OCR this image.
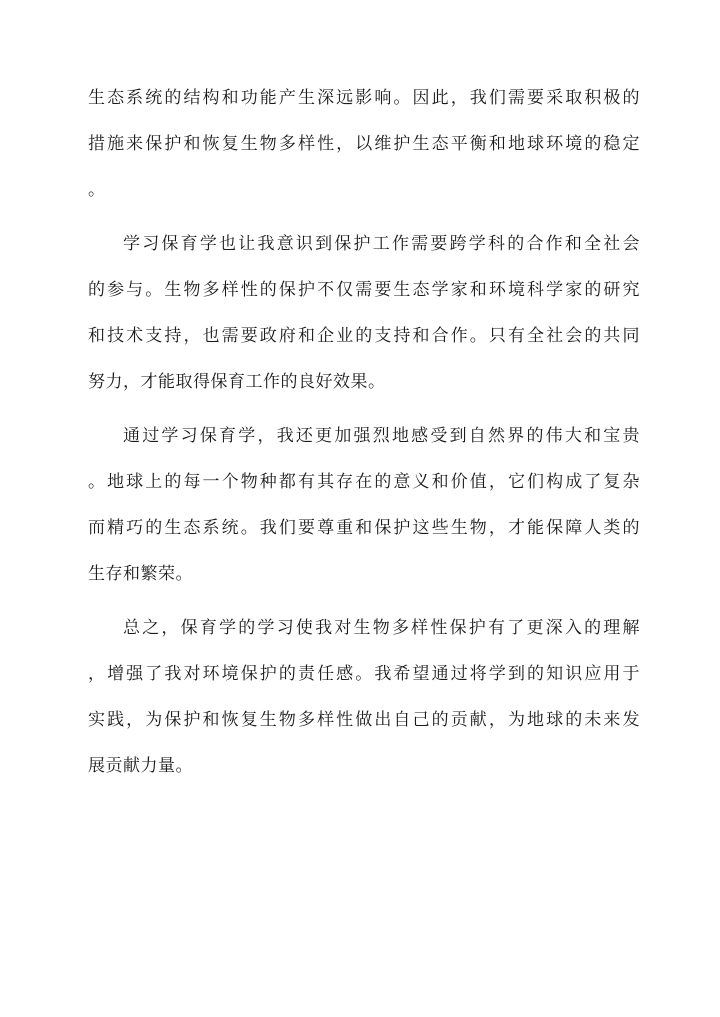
生态系统的结构和功能产生深远影响。因此，我们需要采取积极的
措施来保护和恢复生物多样性，以维护生态平衡和地球环境的稳定
。
学习保育学也让我意识到保护工作需要跨学科的合作和全社会
的参与。生物多样性的保护不仅需要生态学家和环境科学家的研究
和技术支持，也需要政府和企业的支持和合作。只有全社会的共同
努力，才能取得保育工作的良好效果。
通过学习保育学，我还更加强烈地感受到自然界的伟大和宝贵
。地球上的每一个物种都有其存在的意义和价值，它们构成了复杂
而精巧的生态系统。我们要尊重和保护这些生物，才能保障人类的
生存和繁荣。
总之，保育学的学习使我对生物多样性保护有了更深入的理解
，增强了我对环境保护的责任感。我希望通过将学到的知识应用于
实践，为保护和恢复生物多样性做出自己的贡献，为地球的未来发
展贡献力量。
